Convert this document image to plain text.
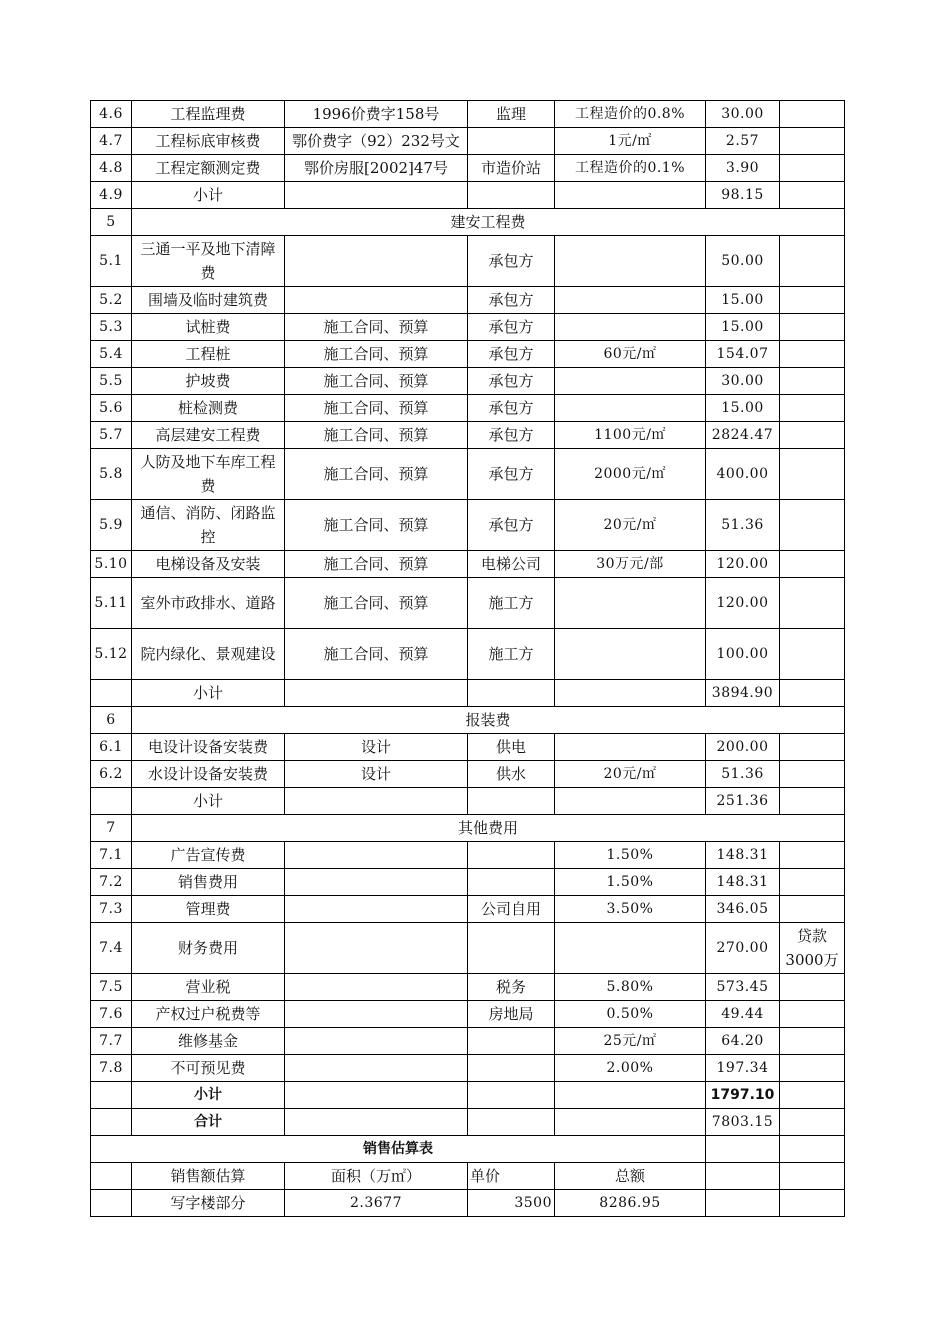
4.6	工程监理费	1996价费字158号	监理	工程造价的0.8%	30.00	
4.7	工程标底审核费	鄂价费字（92）232号文		1元/㎡	2.57	
4.8	工程定额测定费	鄂价房服[2002]47号	市造价站	工程造价的0.1%	3.90	
4.9	小计				98.15	
5	建安工程费					
5.1	三通一平及地下清障费		承包方		50.00	
5.2	围墙及临时建筑费		承包方		15.00	
5.3	试桩费	施工合同、预算	承包方		15.00	
5.4	工程桩	施工合同、预算	承包方	60元/㎡	154.07	
5.5	护坡费	施工合同、预算	承包方		30.00	
5.6	桩检测费	施工合同、预算	承包方		15.00	
5.7	高层建安工程费	施工合同、预算	承包方	1100元/㎡	2824.47	
5.8	人防及地下车库工程费	施工合同、预算	承包方	2000元/㎡	400.00	
5.9	通信、消防、闭路监控	施工合同、预算	承包方	20元/㎡	51.36	
5.10	电梯设备及安装	施工合同、预算	电梯公司	30万元/部	120.00	
5.11	室外市政排水、道路	施工合同、预算	施工方		120.00	
5.12	院内绿化、景观建设	施工合同、预算	施工方		100.00	
	小计				3894.90	
6	报装费					
6.1	电设计设备安装费	设计	供电		200.00	
6.2	水设计设备安装费	设计	供水	20元/㎡	51.36	
	小计				251.36	
7	其他费用					
7.1	广告宣传费			1.50%	148.31	
7.2	销售费用			1.50%	148.31	
7.3	管理费		公司自用	3.50%	346.05	
7.4	财务费用				270.00	贷款3000万
7.5	营业税		税务	5.80%	573.45	
7.6	产权过户税费等		房地局	0.50%	49.44	
7.7	维修基金			25元/㎡	64.20	
7.8	不可预见费			2.00%	197.34	
	小计				1797.10	
	合计				7803.15	
销售估算表						
	销售额估算	面积（万㎡）	单价	总额		
	写字楼部分	2.3677	3500	8286.95		
